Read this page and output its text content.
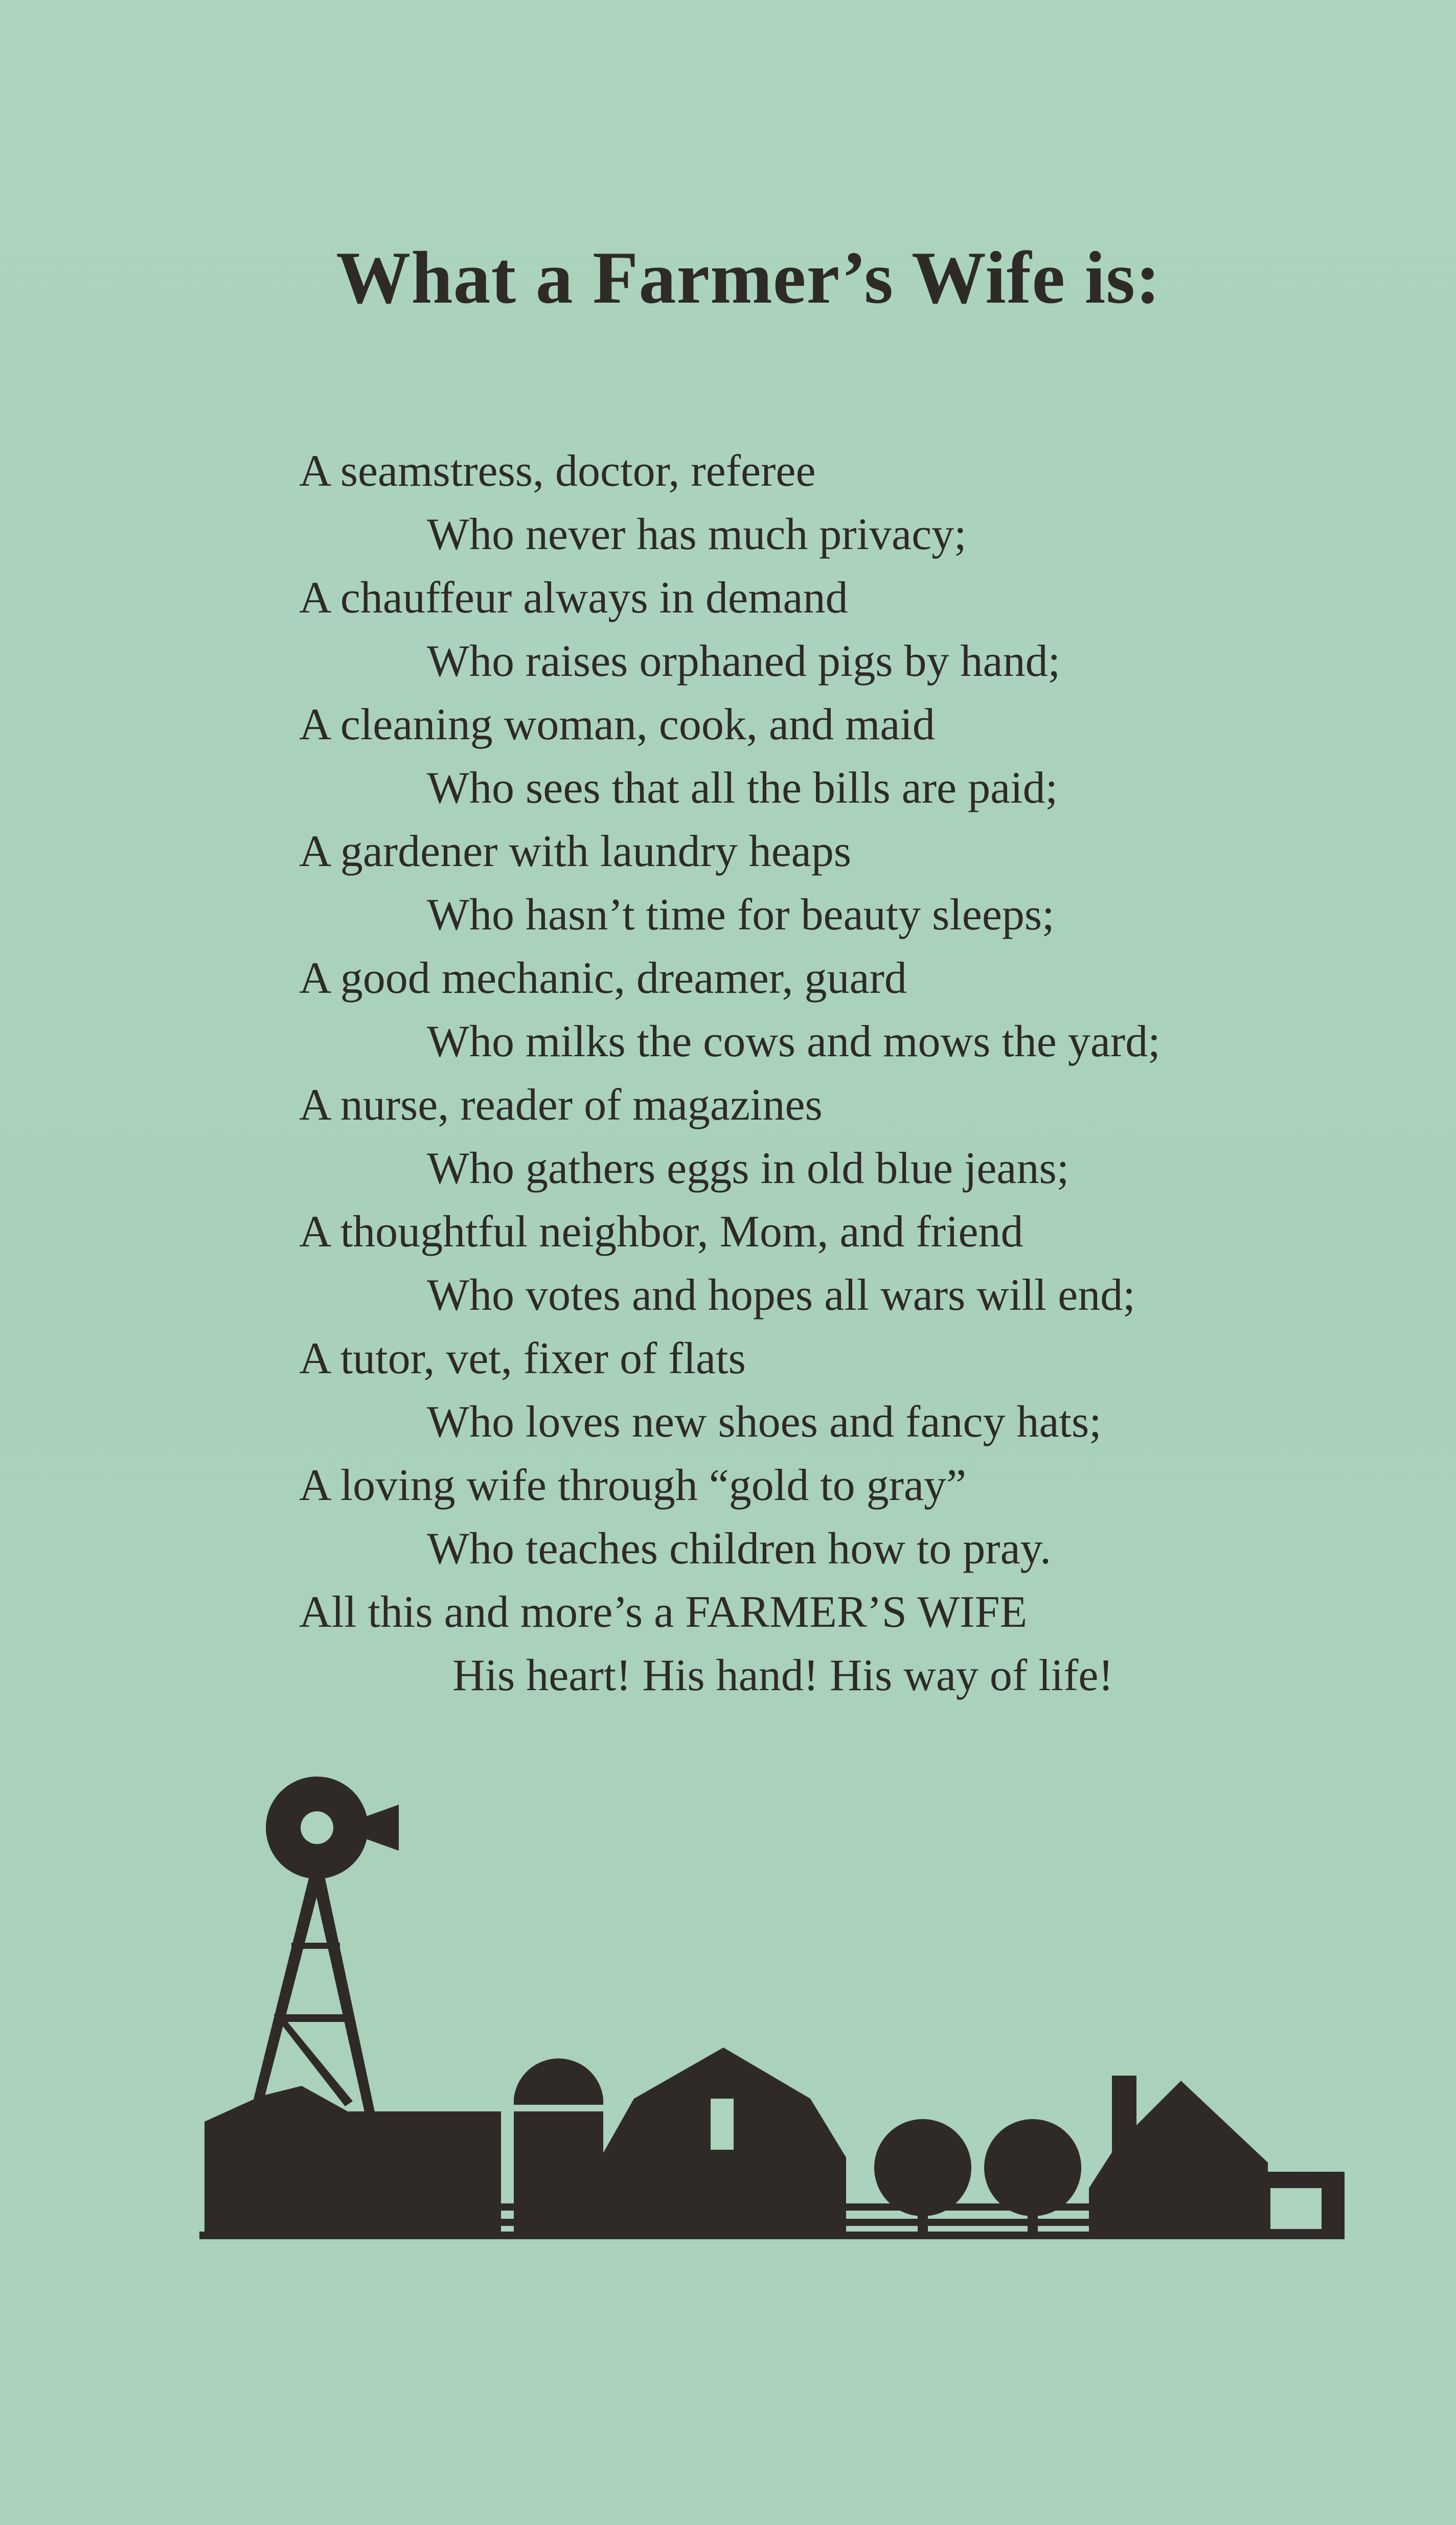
What a Farmer’s Wife is:
A seamstress, doctor, referee
Who never has much privacy;
A chauffeur always in demand
Who raises orphaned pigs by hand;
A cleaning woman, cook, and maid
Who sees that all the bills are paid;
A gardener with laundry heaps
Who hasn’t time for beauty sleeps;
A good mechanic, dreamer, guard
Who milks the cows and mows the yard;
A nurse, reader of magazines
Who gathers eggs in old blue jeans;
A thoughtful neighbor, Mom, and friend
Who votes and hopes all wars will end;
A tutor, vet, fixer of flats
Who loves new shoes and fancy hats;
A loving wife through “gold to gray”
Who teaches children how to pray.
All this and more’s a FARMER’S WIFE
His heart! His hand! His way of life!
